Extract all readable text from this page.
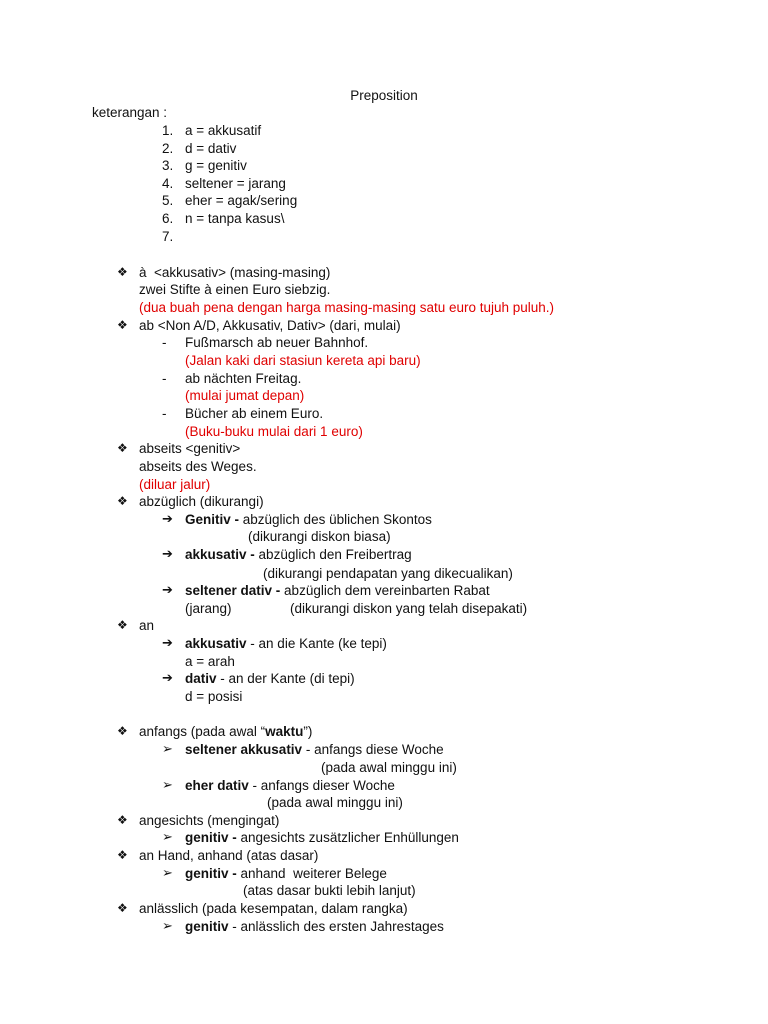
Preposition
keterangan :
1. a = akkusatif
2. d = dativ
3. g = genitiv
4. seltener = jarang
5. eher = agak/sering
6. n = tanpa kasus\
7.
❖ à  <akkusativ> (masing-masing)
zwei Stifte à einen Euro siebzig.
(dua buah pena dengan harga masing-masing satu euro tujuh puluh.)
❖ ab <Non A/D, Akkusativ, Dativ> (dari, mulai)
- Fußmarsch ab neuer Bahnhof.
(Jalan kaki dari stasiun kereta api baru)
- ab nächten Freitag.
(mulai jumat depan)
- Bücher ab einem Euro.
(Buku-buku mulai dari 1 euro)
❖ abseits <genitiv>
abseits des Weges.
(diluar jalur)
❖ abzüglich (dikurangi)
➔ Genitiv - abzüglich des üblichen Skontos
(dikurangi diskon biasa)
➔ akkusativ - abzüglich den Freibertrag
(dikurangi pendapatan yang dikecualikan)
➔ seltener dativ - abzüglich dem vereinbarten Rabat
(jarang)	(dikurangi diskon yang telah disepakati)
❖ an
➔ akkusativ - an die Kante (ke tepi)
a = arah
➔ dativ - an der Kante (di tepi)
d = posisi
❖ anfangs (pada awal “waktu”)
➢ seltener akkusativ - anfangs diese Woche
(pada awal minggu ini)
➢ eher dativ - anfangs dieser Woche
(pada awal minggu ini)
❖ angesichts (mengingat)
➢ genitiv - angesichts zusätzlicher Enhüllungen
❖ an Hand, anhand (atas dasar)
➢ genitiv - anhand  weiterer Belege
(atas dasar bukti lebih lanjut)
❖ anlässlich (pada kesempatan, dalam rangka)
➢ genitiv - anlässlich des ersten Jahrestages
